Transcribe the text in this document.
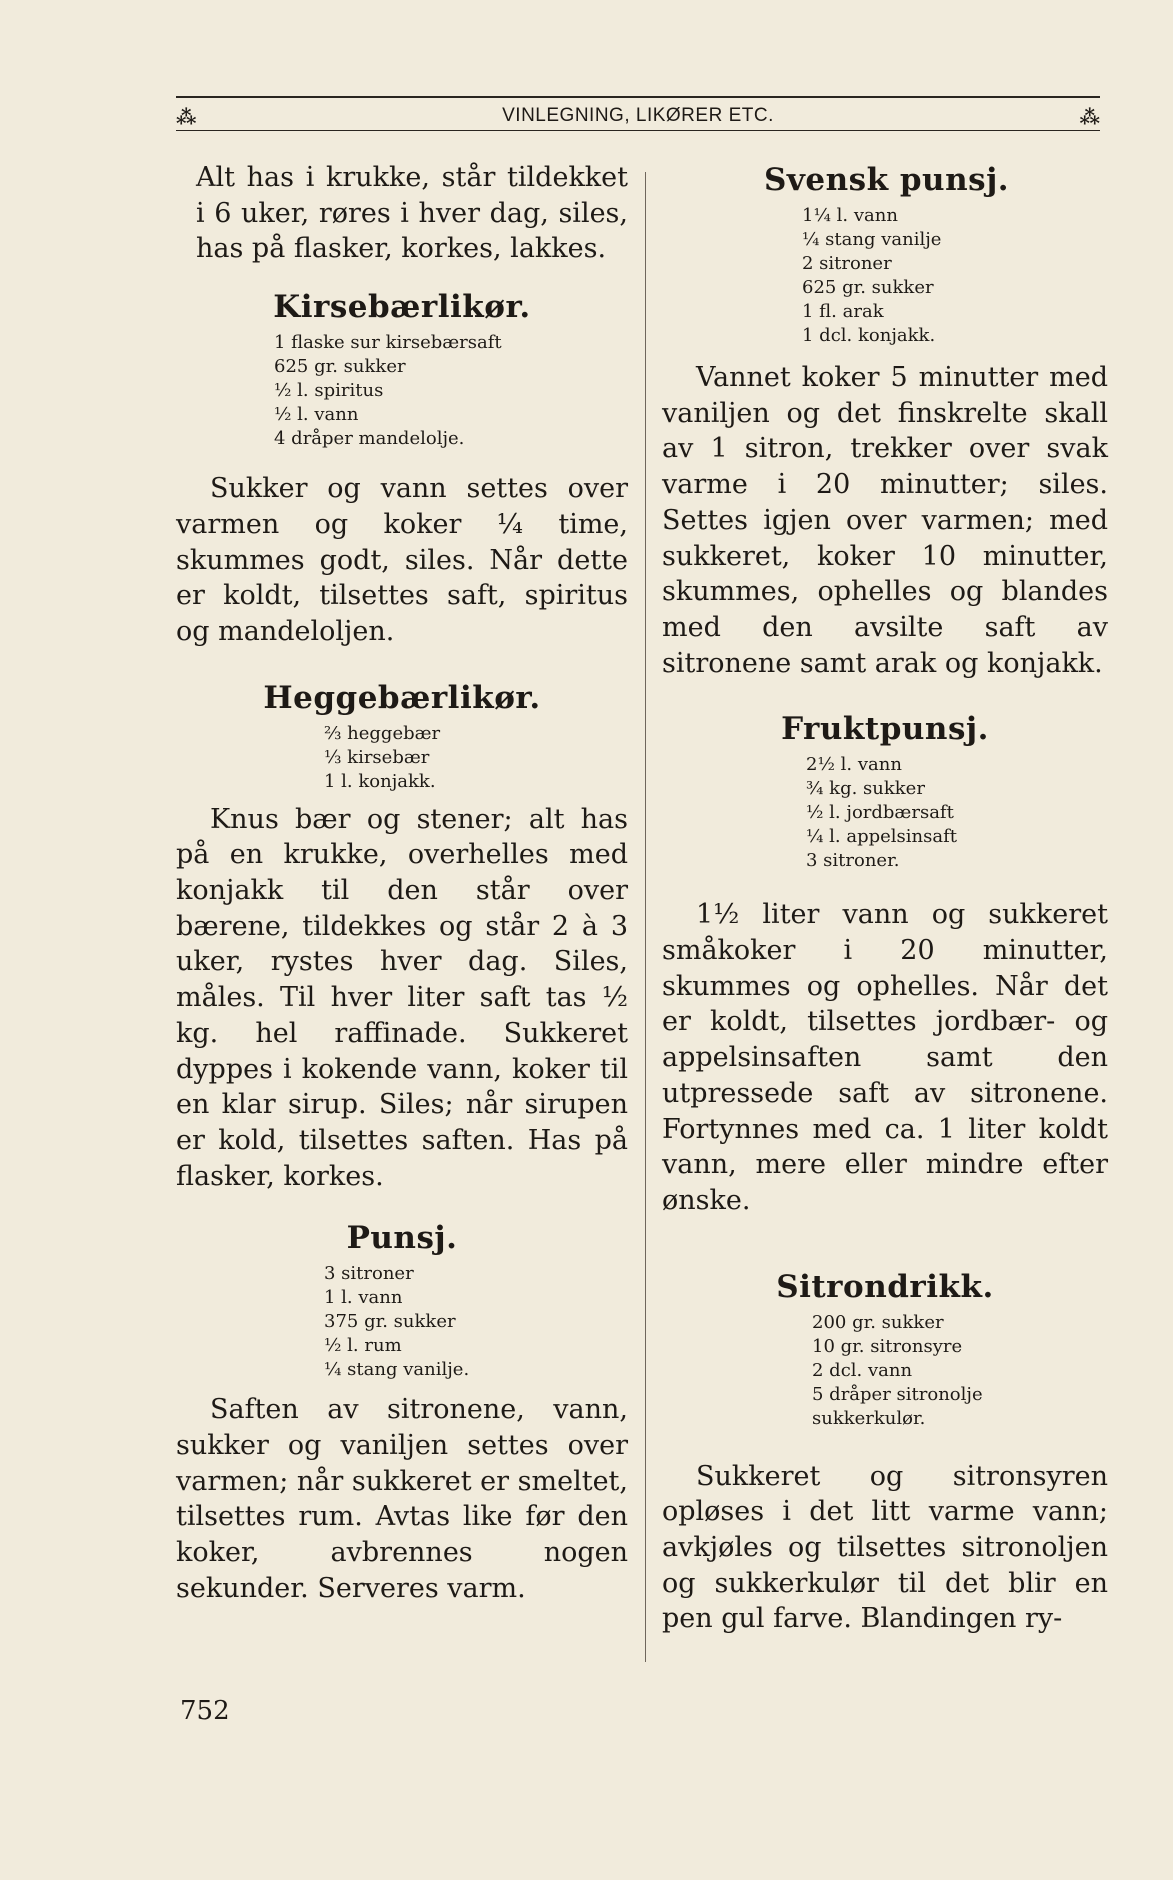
⁂	VINLEGNING, LIKØRER ETC.	⁂

Alt has i krukke, står tildekket i 6 uker, røres i hver dag, siles, has på flasker, korkes, lakkes.

Kirsebærlikør.
1 flaske sur kirsebærsaft
625 gr. sukker
½ l. spiritus
½ l. vann
4 dråper mandelolje.

Sukker og vann settes over varmen og koker ¼ time, skummes godt, siles. Når dette er koldt, tilsettes saft, spiritus og mandeloljen.

Heggebærlikør.
⅔ heggebær
⅓ kirsebær
1 l. konjakk.

Knus bær og stener; alt has på en krukke, overhelles med konjakk til den står over bærene, tildekkes og står 2 à 3 uker, rystes hver dag. Siles, måles. Til hver liter saft tas ½ kg. hel raffinade. Sukkeret dyppes i kokende vann, koker til en klar sirup. Siles; når sirupen er kold, tilsettes saften. Has på flasker, korkes.

Punsj.
3 sitroner
1 l. vann
375 gr. sukker
½ l. rum
¼ stang vanilje.

Saften av sitronene, vann, sukker og vaniljen settes over varmen; når sukkeret er smeltet, tilsettes rum. Avtas like før den koker, avbrennes nogen sekunder. Serveres varm.

Svensk punsj.
1¼ l. vann
¼ stang vanilje
2 sitroner
625 gr. sukker
1 fl. arak
1 dcl. konjakk.

Vannet koker 5 minutter med vaniljen og det finskrelte skall av 1 sitron, trekker over svak varme i 20 minutter; siles. Settes igjen over varmen; med sukkeret, koker 10 minutter, skummes, ophelles og blandes med den avsilte saft av sitronene samt arak og konjakk.

Fruktpunsj.
2½ l. vann
¾ kg. sukker
½ l. jordbærsaft
¼ l. appelsinsaft
3 sitroner.

1½ liter vann og sukkeret småkoker i 20 minutter, skummes og ophelles. Når det er koldt, tilsettes jordbær- og appelsinsaften samt den utpressede saft av sitronene. Fortynnes med ca. 1 liter koldt vann, mere eller mindre efter ønske.

Sitrondrikk.
200 gr. sukker
10 gr. sitronsyre
2 dcl. vann
5 dråper sitronolje
sukkerkulør.

Sukkeret og sitronsyren opløses i det litt varme vann; avkjøles og tilsettes sitronoljen og sukkerkulør til det blir en pen gul farve. Blandingen ry-

752
